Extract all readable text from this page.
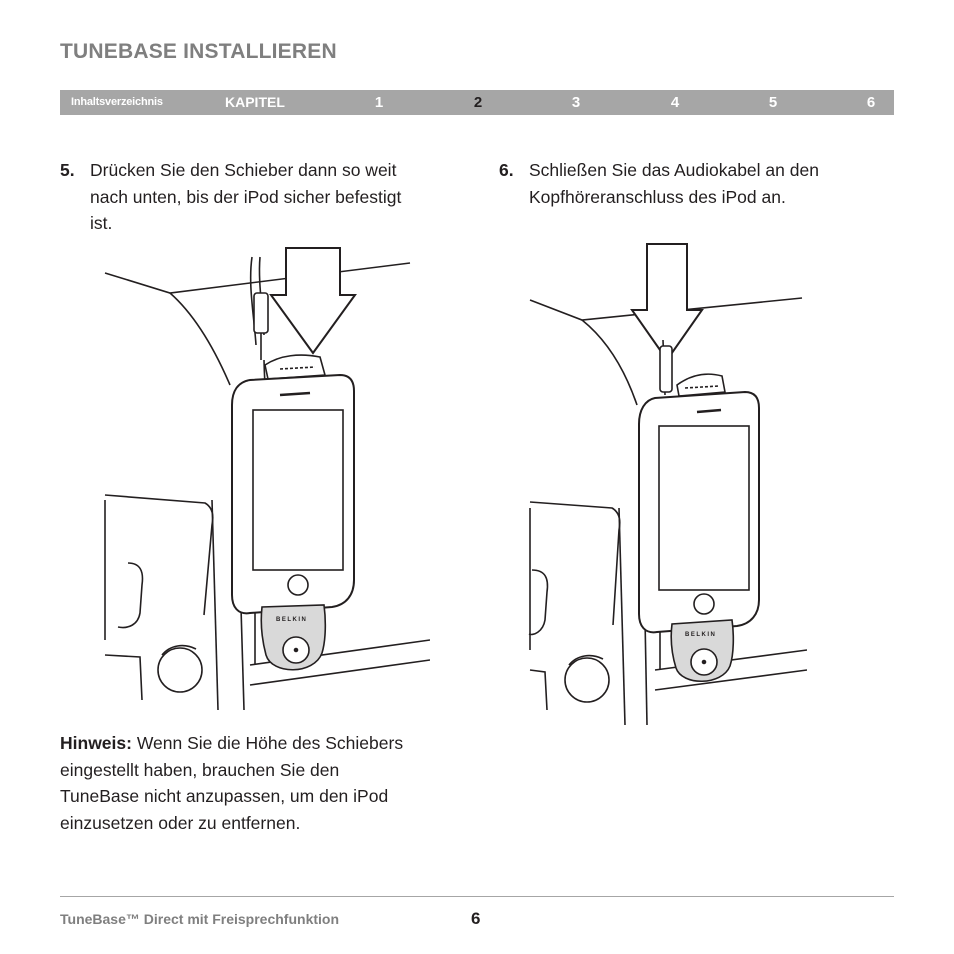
TUNEBASE INSTALLIEREN
Inhaltsverzeichnis	KAPITEL	1	2	3	4	5	6
5. Drücken Sie den Schieber dann so weit
nach unten, bis der iPod sicher befestigt
ist.
6. Schließen Sie das Audiokabel an den
Kopfhöreranschluss des iPod an.
BELKIN
BELKIN
Hinweis: Wenn Sie die Höhe des Schiebers
eingestellt haben, brauchen Sie den
TuneBase nicht anzupassen, um den iPod
einzusetzen oder zu entfernen.
TuneBase™ Direct mit Freisprechfunktion	6
